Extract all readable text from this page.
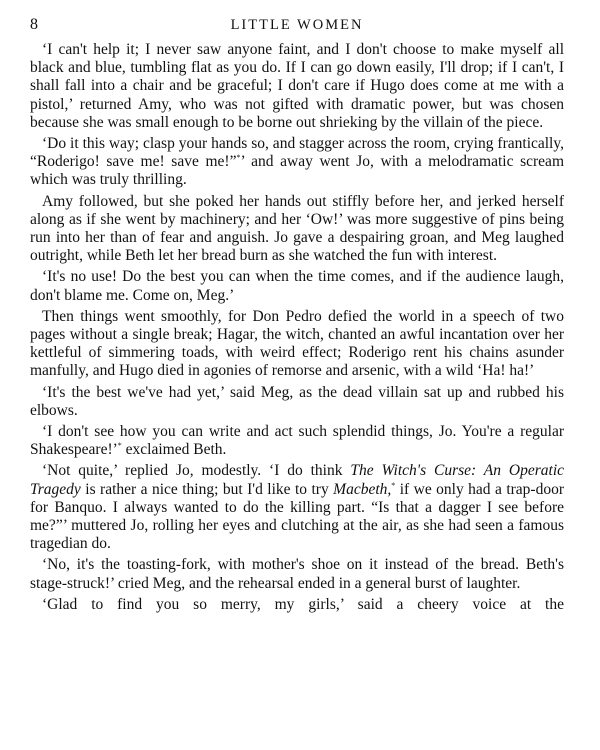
8	LITTLE WOMEN

‘I can't help it; I never saw anyone faint, and I don't choose to make myself all black and blue, tumbling flat as you do. If I can go down easily, I'll drop; if I can't, I shall fall into a chair and be graceful; I don't care if Hugo does come at me with a pistol,’ returned Amy, who was not gifted with dramatic power, but was chosen because she was small enough to be borne out shrieking by the villain of the piece.

‘Do it this way; clasp your hands so, and stagger across the room, crying frantically, “Roderigo! save me! save me!”*’ and away went Jo, with a melodramatic scream which was truly thrilling.

Amy followed, but she poked her hands out stiffly before her, and jerked herself along as if she went by machinery; and her ‘Ow!’ was more suggestive of pins being run into her than of fear and anguish. Jo gave a despairing groan, and Meg laughed outright, while Beth let her bread burn as she watched the fun with interest.

‘It's no use! Do the best you can when the time comes, and if the audience laugh, don't blame me. Come on, Meg.’

Then things went smoothly, for Don Pedro defied the world in a speech of two pages without a single break; Hagar, the witch, chanted an awful incantation over her kettleful of simmering toads, with weird effect; Roderigo rent his chains asunder manfully, and Hugo died in agonies of remorse and arsenic, with a wild ‘Ha! ha!’

‘It's the best we've had yet,’ said Meg, as the dead villain sat up and rubbed his elbows.

‘I don't see how you can write and act such splendid things, Jo. You're a regular Shakespeare!’* exclaimed Beth.

‘Not quite,’ replied Jo, modestly. ‘I do think The Witch's Curse: An Operatic Tragedy is rather a nice thing; but I'd like to try Macbeth,* if we only had a trap-door for Banquo. I always wanted to do the killing part. “Is that a dagger I see before me?”’ muttered Jo, rolling her eyes and clutching at the air, as she had seen a famous tragedian do.

‘No, it's the toasting-fork, with mother's shoe on it instead of the bread. Beth's stage-struck!’ cried Meg, and the rehearsal ended in a general burst of laughter.

‘Glad to find you so merry, my girls,’ said a cheery voice at the
